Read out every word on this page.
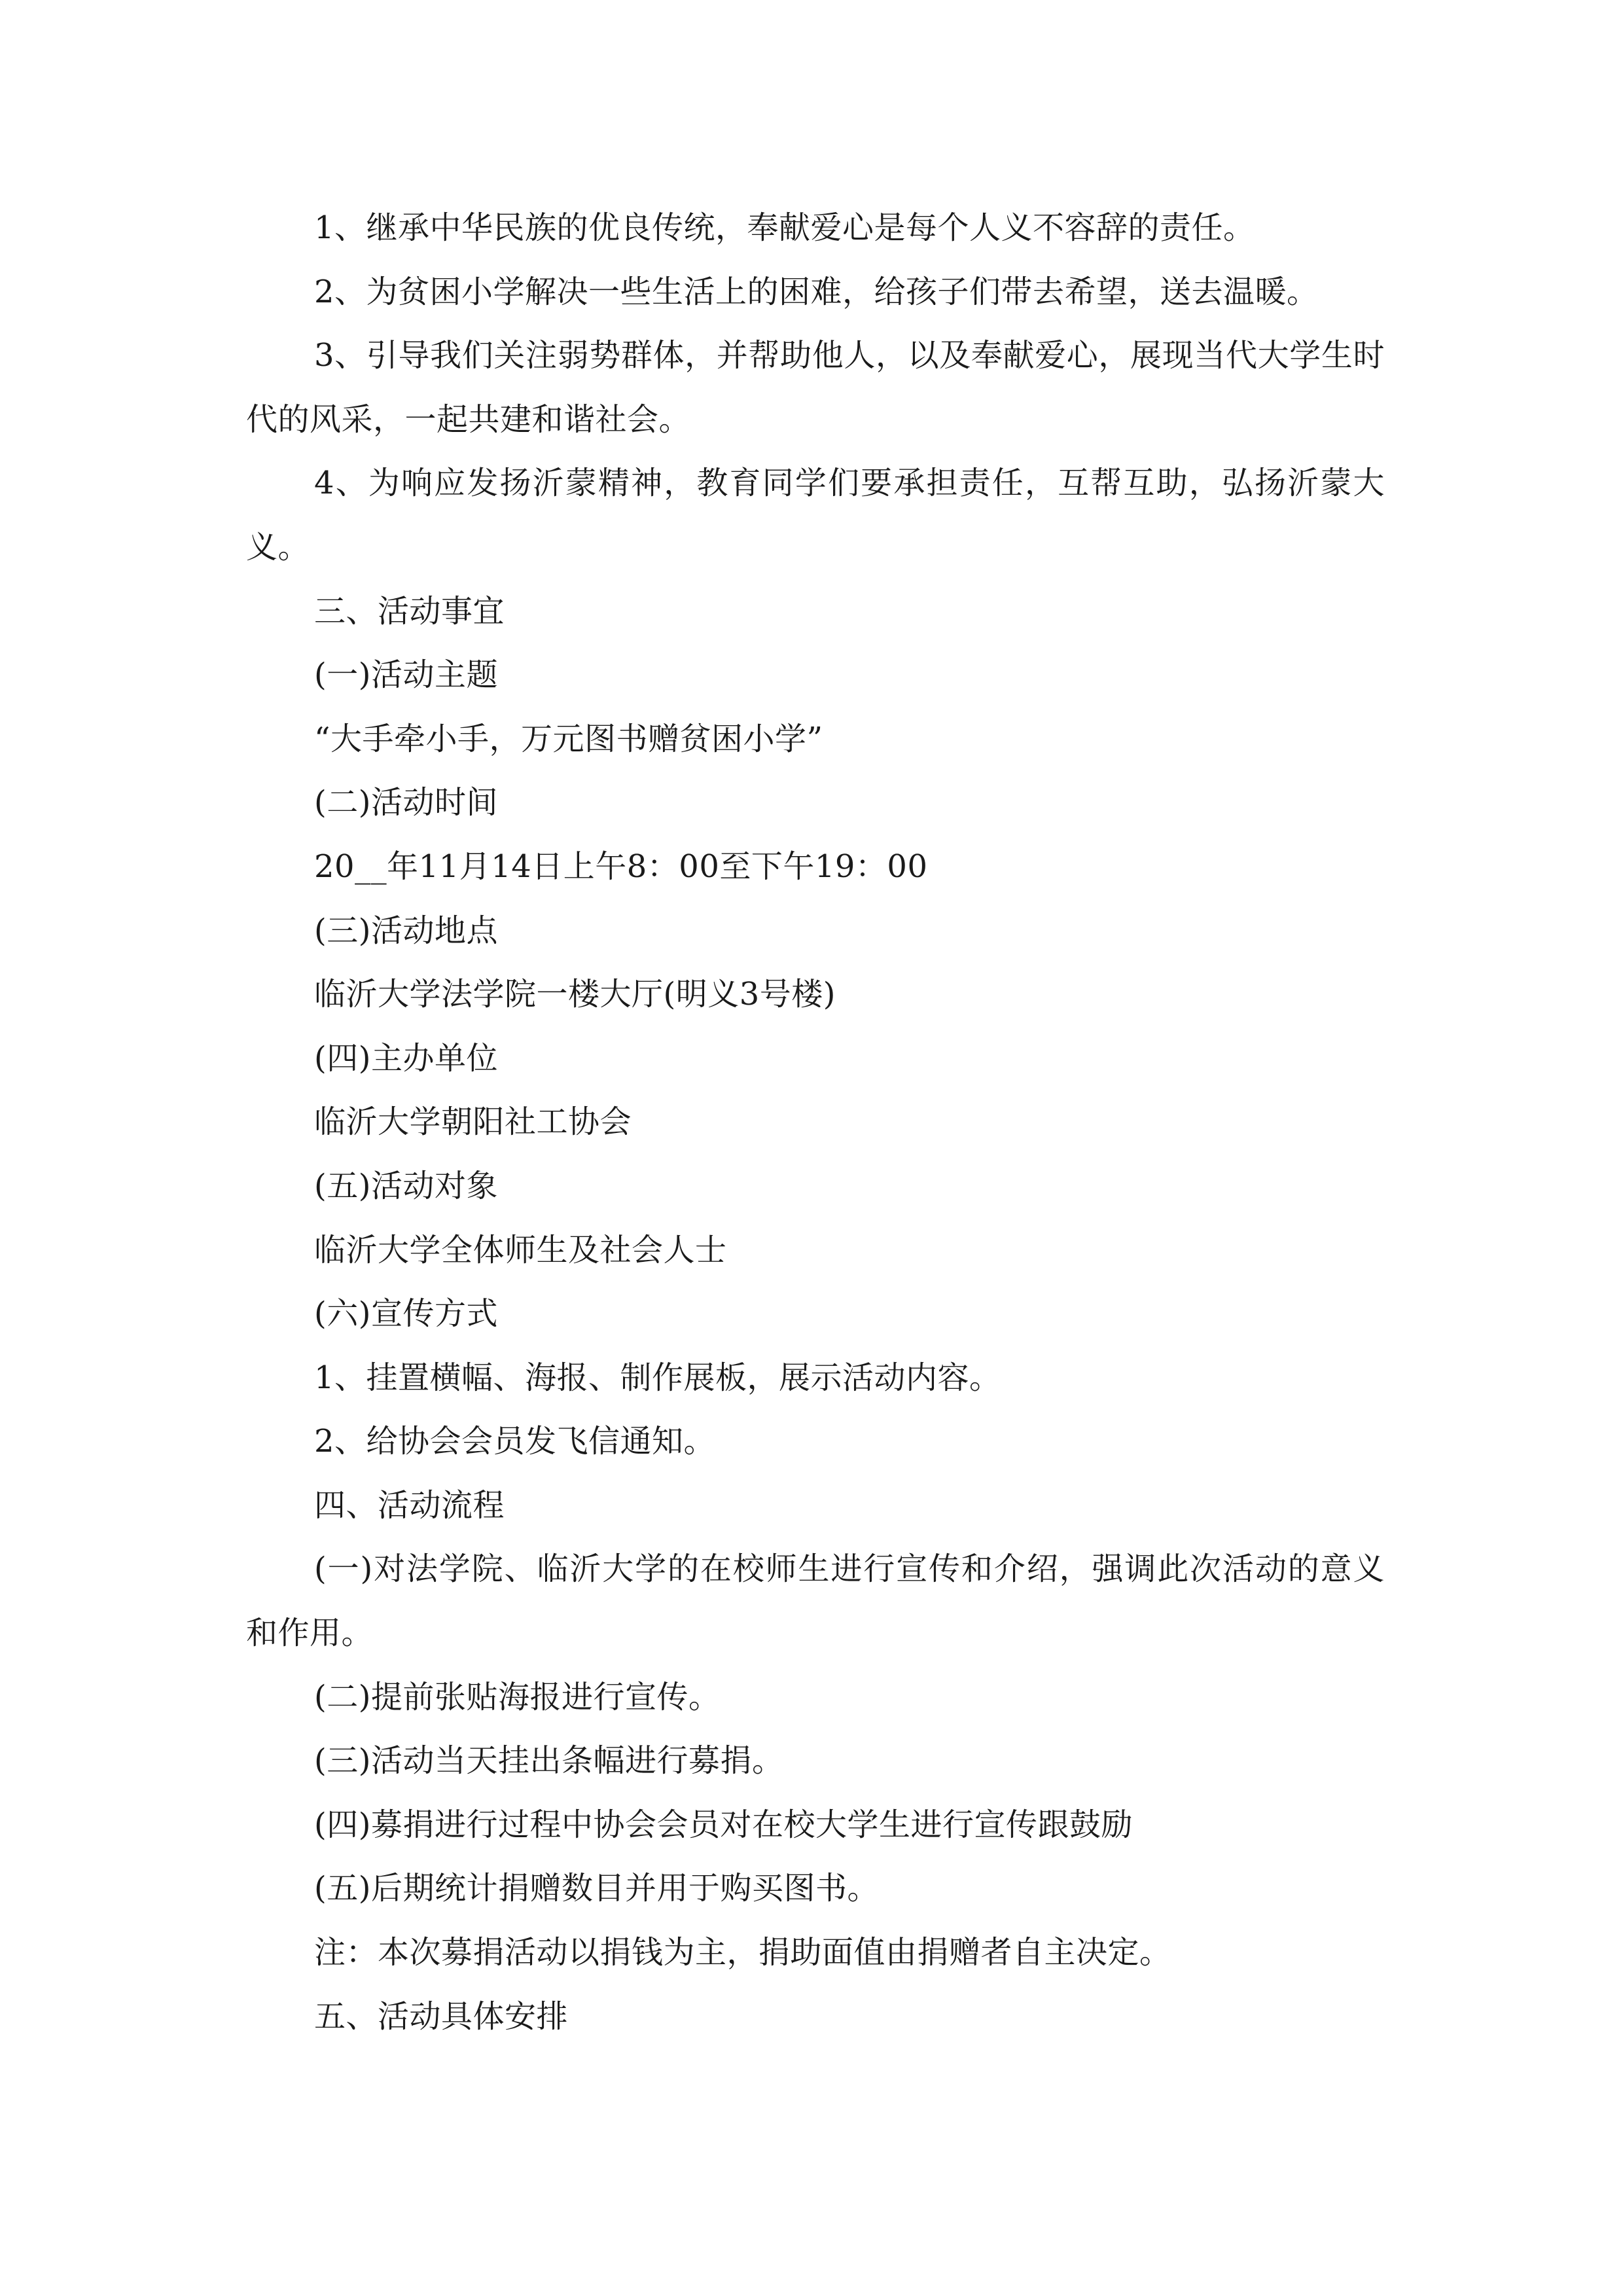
1、继承中华民族的优良传统，奉献爱心是每个人义不容辞的责任。

2、为贫困小学解决一些生活上的困难，给孩子们带去希望，送去温暖。

3、引导我们关注弱势群体，并帮助他人，以及奉献爱心，展现当代大学生时代的风采，一起共建和谐社会。

4、为响应发扬沂蒙精神，教育同学们要承担责任，互帮互助，弘扬沂蒙大义。

三、活动事宜

(一)活动主题

“大手牵小手，万元图书赠贫困小学”

(二)活动时间

20__年11月14日上午8：00至下午19：00

(三)活动地点

临沂大学法学院一楼大厅(明义3号楼)

(四)主办单位

临沂大学朝阳社工协会

(五)活动对象

临沂大学全体师生及社会人士

(六)宣传方式

1、挂置横幅、海报、制作展板，展示活动内容。

2、给协会会员发飞信通知。

四、活动流程

(一)对法学院、临沂大学的在校师生进行宣传和介绍，强调此次活动的意义和作用。

(二)提前张贴海报进行宣传。

(三)活动当天挂出条幅进行募捐。

(四)募捐进行过程中协会会员对在校大学生进行宣传跟鼓励

(五)后期统计捐赠数目并用于购买图书。

注：本次募捐活动以捐钱为主，捐助面值由捐赠者自主决定。

五、活动具体安排
